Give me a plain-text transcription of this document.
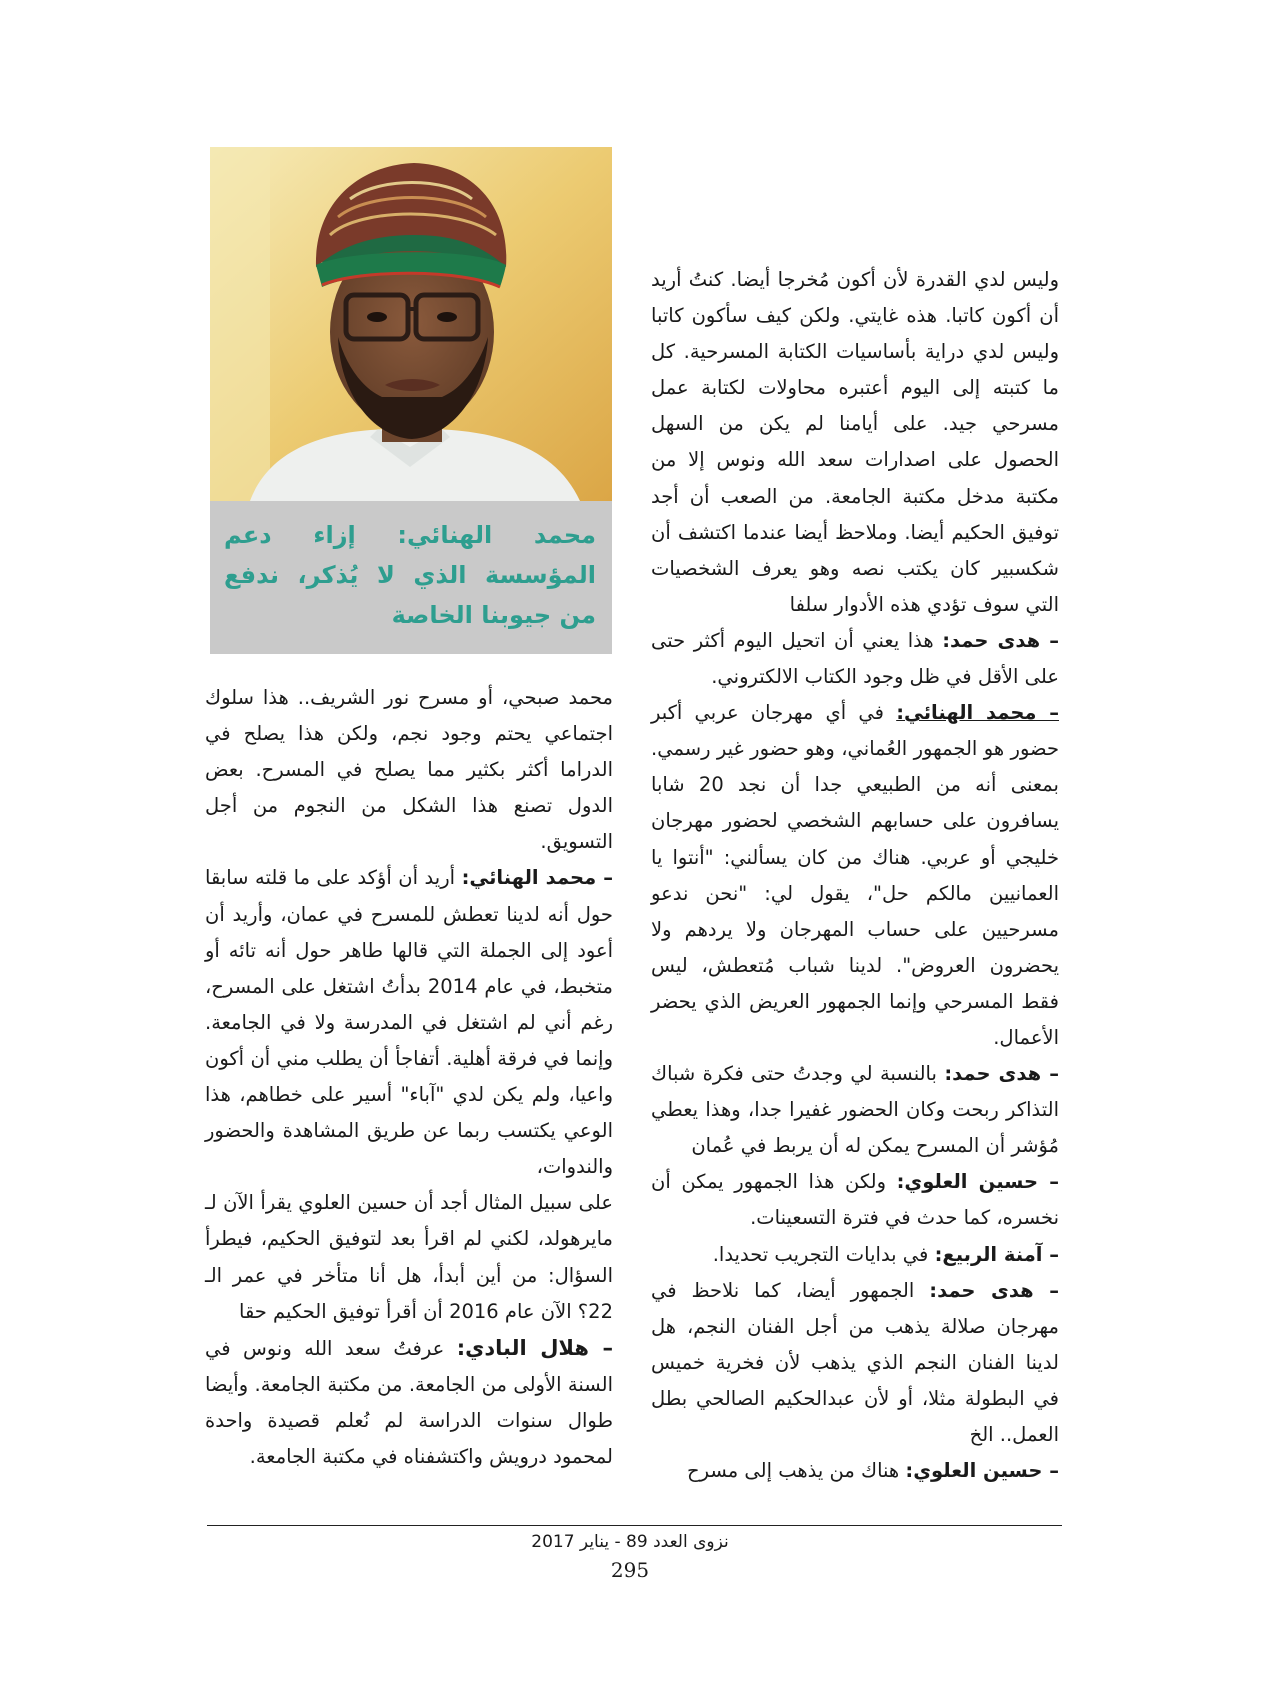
وليس لدي القدرة لأن أكون مُخرجا أيضا. كنتُ أريد أن أكون كاتبا. هذه غايتي. ولكن كيف سأكون كاتبا وليس لدي دراية بأساسيات الكتابة المسرحية. كل ما كتبته إلى اليوم أعتبره محاولات لكتابة عمل مسرحي جيد. على أيامنا لم يكن من السهل الحصول على اصدارات سعد الله ونوس إلا من مكتبة مدخل مكتبة الجامعة. من الصعب أن أجد توفيق الحكيم أيضا. وملاحظ أيضا عندما اكتشف أن شكسبير كان يكتب نصه وهو يعرف الشخصيات التي سوف تؤدي هذه الأدوار سلفا

– هدى حمد: هذا يعني أن اتحيل اليوم أكثر حتى على الأقل في ظل وجود الكتاب الالكتروني.

– محمد الهنائي: في أي مهرجان عربي أكبر حضور هو الجمهور العُماني، وهو حضور غير رسمي. بمعنى أنه من الطبيعي جدا أن نجد 20 شابا يسافرون على حسابهم الشخصي لحضور مهرجان خليجي أو عربي. هناك من كان يسألني: "أنتوا يا العمانيين مالكم حل"، يقول لي: "نحن ندعو مسرحيين على حساب المهرجان ولا يردهم ولا يحضرون العروض". لدينا شباب مُتعطش، ليس فقط المسرحي وإنما الجمهور العريض الذي يحضر الأعمال.

– هدى حمد: بالنسبة لي وجدتُ حتى فكرة شباك التذاكر ربحت وكان الحضور غفيرا جدا، وهذا يعطي مُؤشر أن المسرح يمكن له أن يربط في عُمان

– حسين العلوي: ولكن هذا الجمهور يمكن أن نخسره، كما حدث في فترة التسعينات.

– آمنة الربيع: في بدايات التجريب تحديدا.

– هدى حمد: الجمهور أيضا، كما نلاحظ في مهرجان صلالة يذهب من أجل الفنان النجم، هل لدينا الفنان النجم الذي يذهب لأن فخرية خميس في البطولة مثلا، أو لأن عبدالحكيم الصالحي بطل العمل.. الخ

– حسين العلوي: هناك من يذهب إلى مسرح

محمد الهنائي: إزاء دعم المؤسسة الذي لا يُذكر، ندفع من جيوبنا الخاصة

محمد صبحي، أو مسرح نور الشريف.. هذا سلوك اجتماعي يحتم وجود نجم، ولكن هذا يصلح في الدراما أكثر بكثير مما يصلح في المسرح. بعض الدول تصنع هذا الشكل من النجوم من أجل التسويق.

– محمد الهنائي: أريد أن أؤكد على ما قلته سابقا حول أنه لدينا تعطش للمسرح في عمان، وأريد أن أعود إلى الجملة التي قالها طاهر حول أنه تائه أو متخبط، في عام 2014 بدأتُ اشتغل على المسرح، رغم أني لم اشتغل في المدرسة ولا في الجامعة. وإنما في فرقة أهلية. أتفاجأ أن يطلب مني أن أكون واعيا، ولم يكن لدي "آباء" أسير على خطاهم، هذا الوعي يكتسب ربما عن طريق المشاهدة والحضور والندوات،

على سبيل المثال أجد أن حسين العلوي يقرأ الآن لـ مايرهولد، لكني لم اقرأ بعد لتوفيق الحكيم، فيطرأ السؤال: من أين أبدأ، هل أنا متأخر في عمر الـ 22؟ الآن عام 2016 أن أقرأ توفيق الحكيم حقا

– هلال البادي: عرفتُ سعد الله ونوس في السنة الأولى من الجامعة. من مكتبة الجامعة. وأيضا طوال سنوات الدراسة لم نُعلم قصيدة واحدة لمحمود درويش واكتشفناه في مكتبة الجامعة.

نزوى العدد 89 - يناير 2017
295
